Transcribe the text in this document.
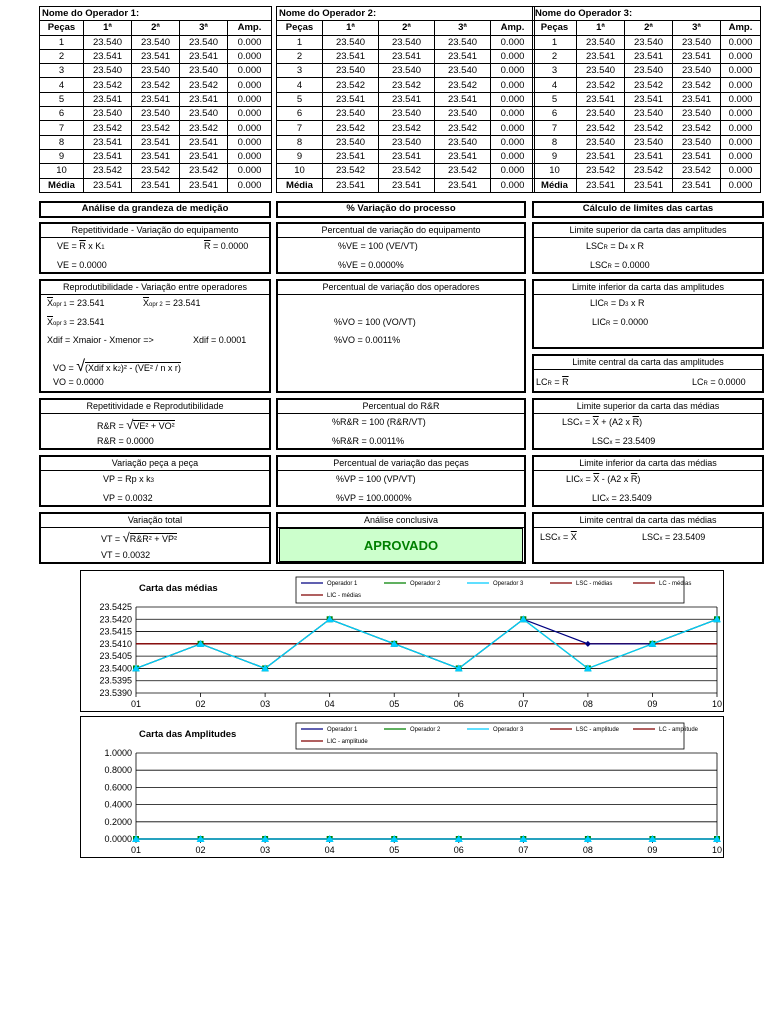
Nome do Operador 1:				
Peças	1ª	2ª	3ª	Amp.
1	23.540	23.540	23.540	0.000
2	23.541	23.541	23.541	0.000
3	23.540	23.540	23.540	0.000
4	23.542	23.542	23.542	0.000
5	23.541	23.541	23.541	0.000
6	23.540	23.540	23.540	0.000
7	23.542	23.542	23.542	0.000
8	23.541	23.541	23.541	0.000
9	23.541	23.541	23.541	0.000
10	23.542	23.542	23.542	0.000
Média	23.541	23.541	23.541	0.000
Nome do Operador 2:				
Peças	1ª	2ª	3ª	Amp.
1	23.540	23.540	23.540	0.000
2	23.541	23.541	23.541	0.000
3	23.540	23.540	23.540	0.000
4	23.542	23.542	23.542	0.000
5	23.541	23.541	23.541	0.000
6	23.540	23.540	23.540	0.000
7	23.542	23.542	23.542	0.000
8	23.540	23.540	23.540	0.000
9	23.541	23.541	23.541	0.000
10	23.542	23.542	23.542	0.000
Média	23.541	23.541	23.541	0.000
Nome do Operador 3:				
Peças	1ª	2ª	3ª	Amp.
1	23.540	23.540	23.540	0.000
2	23.541	23.541	23.541	0.000
3	23.540	23.540	23.540	0.000
4	23.542	23.542	23.542	0.000
5	23.541	23.541	23.541	0.000
6	23.540	23.540	23.540	0.000
7	23.542	23.542	23.542	0.000
8	23.540	23.540	23.540	0.000
9	23.541	23.541	23.541	0.000
10	23.542	23.542	23.542	0.000
Média	23.541	23.541	23.541	0.000
Análise da grandeza de medição	% Variação do processo	Cálculo de limites das cartas
Repetitividade - Variação do equipamento
VE = $\overline{R}$ x K1	$\overline{R} = 0.0000$
VE = 0.0000
Percentual de variação do equipamento
%VE = 100 (VE/VT)
%VE = 0.0000%
Limite superior da carta das amplitudes
LSCR = D4 x R
LSCR = 0.0000
Reprodutibilidade - Variação entre operadores
$\overline{X}opr$ 1 = 23.541	$\overline{X}opr$ 2 = 23.541
$\overline{X}opr$ 3 = 23.541
Xdif = Xmaior - Xmenor =>	Xdif = 0.0001
VO = √(Xdif x k2)² - (VE² / n x r)
VO = 0.0000
Percentual de variação dos operadores
%VO = 100 (VO/VT)
%VO = 0.0011%
Limite inferior da carta das amplitudes
LICR = D3 x R
LICR = 0.0000
Limite central da carta das amplitudes
LCR = $\overline{R}$	LCR = 0.0000
Repetitividade e Reprodutibilidade
R&R = √VE² + VO²
R&R = 0.0000
Percentual do R&R
%R&R = 100 (R&R/VT)
%R&R = 0.0011%
Limite superior da carta das médias
LSCx = $\overline{X} + (A2$ x $\overline{R}$)
LSCx = 23.5409
Variação peça a peça
VP = Rp x k3
VP = 0.0032
Percentual de variação das peças
%VP = 100 (VP/VT)
%VP = 100.0000%
Limite inferior da carta das médias
LICx = $\overline{X} - (A2$ x $\overline{R}$)
LICx = 23.5409
Variação total
VT = √R&R² + VP²
VT = 0.0032
Análise conclusiva
APROVADO
Limite central da carta das médias
LSCx = $\overline{X}$	LSCx = 23.5409
Carta das médias	Operador 1	Operador 2	Operador 3	LSC - médias	LC - médias
LIC - médias
23.5390
23.5395
23.5400
23.5405
23.5410
23.5415
23.5420
23.5425
01	02	03	04	05	06	07	08	09	10
Carta das Amplitudes	Operador 1	Operador 2	Operador 3	LSC - amplitude	LC - amplitude
LIC - amplitude
0.0000
0.2000
0.4000
0.6000
0.8000
1.0000
01	02	03	04	05	06	07	08	09	10
